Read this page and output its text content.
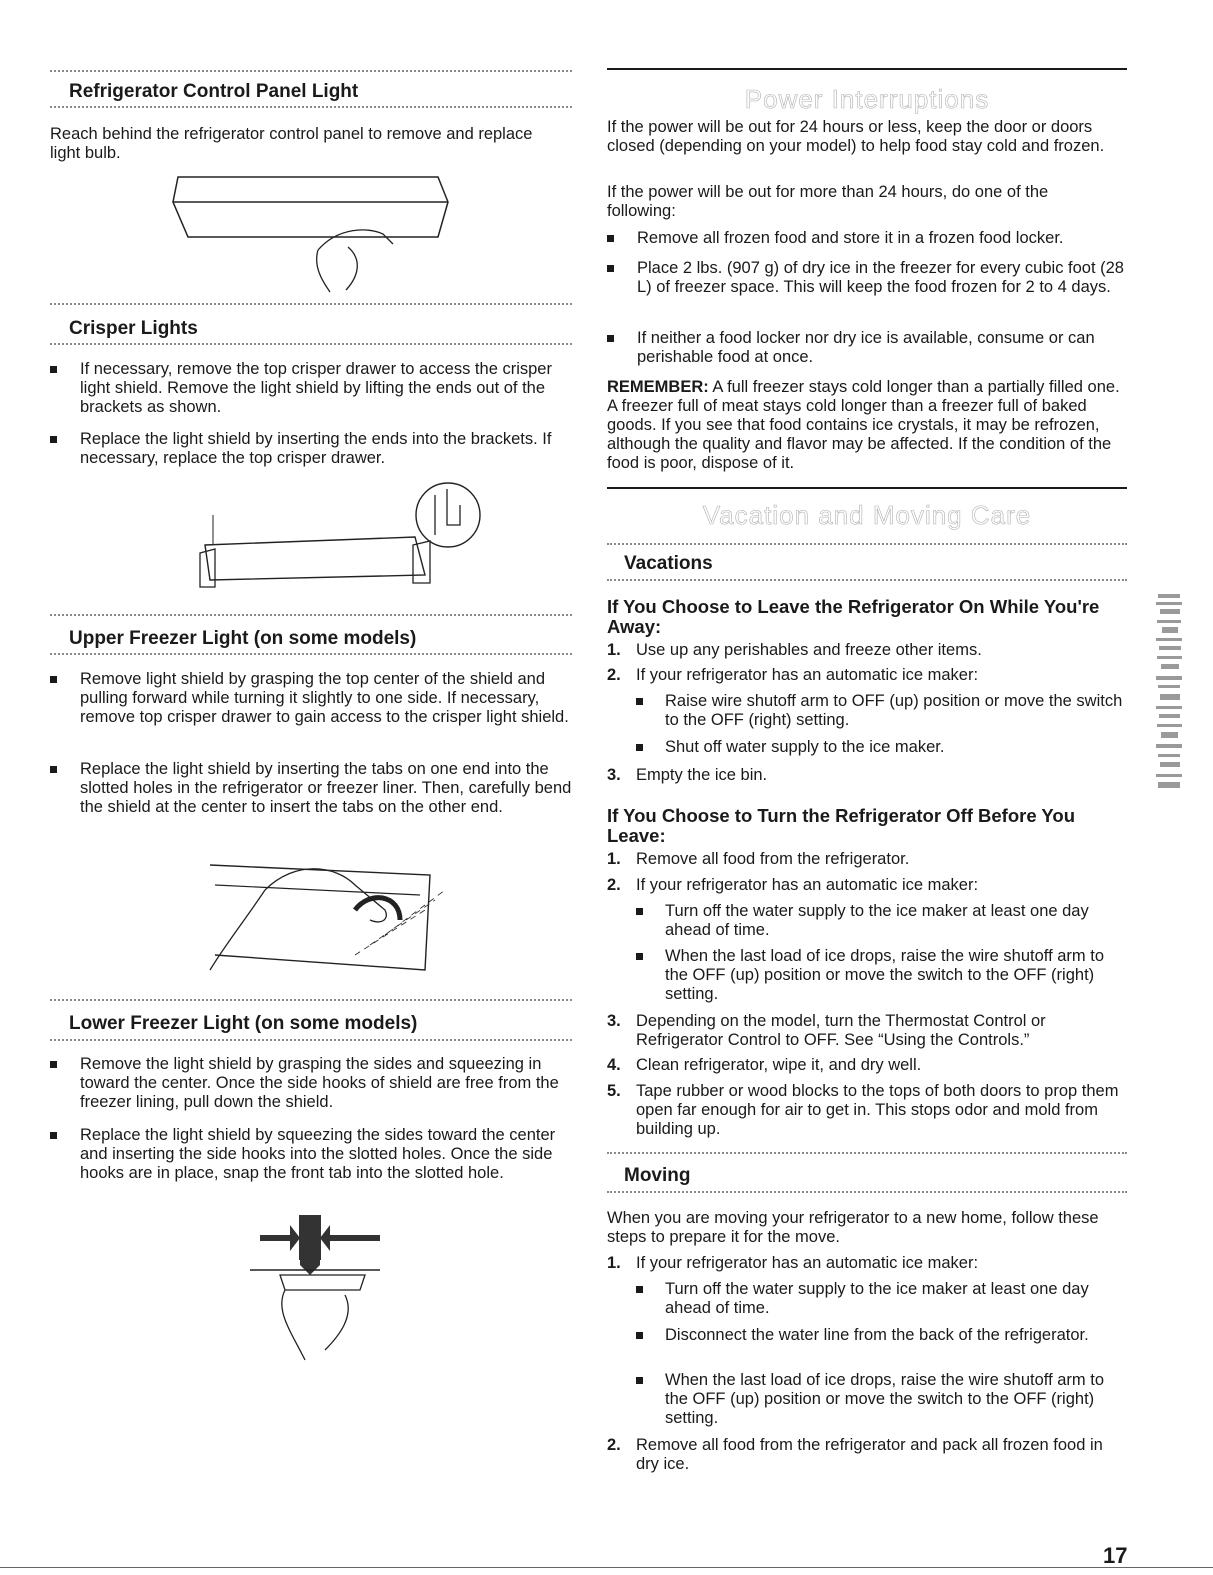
Refrigerator Control Panel Light

Reach behind the refrigerator control panel to remove and replace light bulb.

Crisper Lights

If necessary, remove the top crisper drawer to access the crisper light shield. Remove the light shield by lifting the ends out of the brackets as shown.

Replace the light shield by inserting the ends into the brackets. If necessary, replace the top crisper drawer.

Upper Freezer Light (on some models)

Remove light shield by grasping the top center of the shield and pulling forward while turning it slightly to one side. If necessary, remove top crisper drawer to gain access to the crisper light shield.

Replace the light shield by inserting the tabs on one end into the slotted holes in the refrigerator or freezer liner. Then, carefully bend the shield at the center to insert the tabs on the other end.

Lower Freezer Light (on some models)

Remove the light shield by grasping the sides and squeezing in toward the center. Once the side hooks of shield are free from the freezer lining, pull down the shield.

Replace the light shield by squeezing the sides toward the center and inserting the side hooks into the slotted holes. Once the side hooks are in place, snap the front tab into the slotted hole.

Power Interruptions

If the power will be out for 24 hours or less, keep the door or doors closed (depending on your model) to help food stay cold and frozen.

If the power will be out for more than 24 hours, do one of the following:

Remove all frozen food and store it in a frozen food locker.

Place 2 lbs. (907 g) of dry ice in the freezer for every cubic foot (28 L) of freezer space. This will keep the food frozen for 2 to 4 days.

If neither a food locker nor dry ice is available, consume or can perishable food at once.

REMEMBER: A full freezer stays cold longer than a partially filled one. A freezer full of meat stays cold longer than a freezer full of baked goods. If you see that food contains ice crystals, it may be refrozen, although the quality and flavor may be affected. If the condition of the food is poor, dispose of it.

Vacation and Moving Care
Vacations
If You Choose to Leave the Refrigerator On While You're Away:
1. Use up any perishables and freeze other items.

2. If your refrigerator has an automatic ice maker:

Raise wire shutoff arm to OFF (up) position or move the switch to the OFF (right) setting.

Shut off water supply to the ice maker.

3. Empty the ice bin.

If You Choose to Turn the Refrigerator Off Before You Leave:
1. Remove all food from the refrigerator.

2. If your refrigerator has an automatic ice maker:

Turn off the water supply to the ice maker at least one day ahead of time.

When the last load of ice drops, raise the wire shutoff arm to the OFF (up) position or move the switch to the OFF (right) setting.

3. Depending on the model, turn the Thermostat Control or Refrigerator Control to OFF. See “Using the Controls.”

4. Clean refrigerator, wipe it, and dry well.

5. Tape rubber or wood blocks to the tops of both doors to prop them open far enough for air to get in. This stops odor and mold from building up.

Moving

When you are moving your refrigerator to a new home, follow these steps to prepare it for the move.

1. If your refrigerator has an automatic ice maker:

Turn off the water supply to the ice maker at least one day ahead of time.

Disconnect the water line from the back of the refrigerator.

When the last load of ice drops, raise the wire shutoff arm to the OFF (up) position or move the switch to the OFF (right) setting.

2. Remove all food from the refrigerator and pack all frozen food in dry ice.

17
